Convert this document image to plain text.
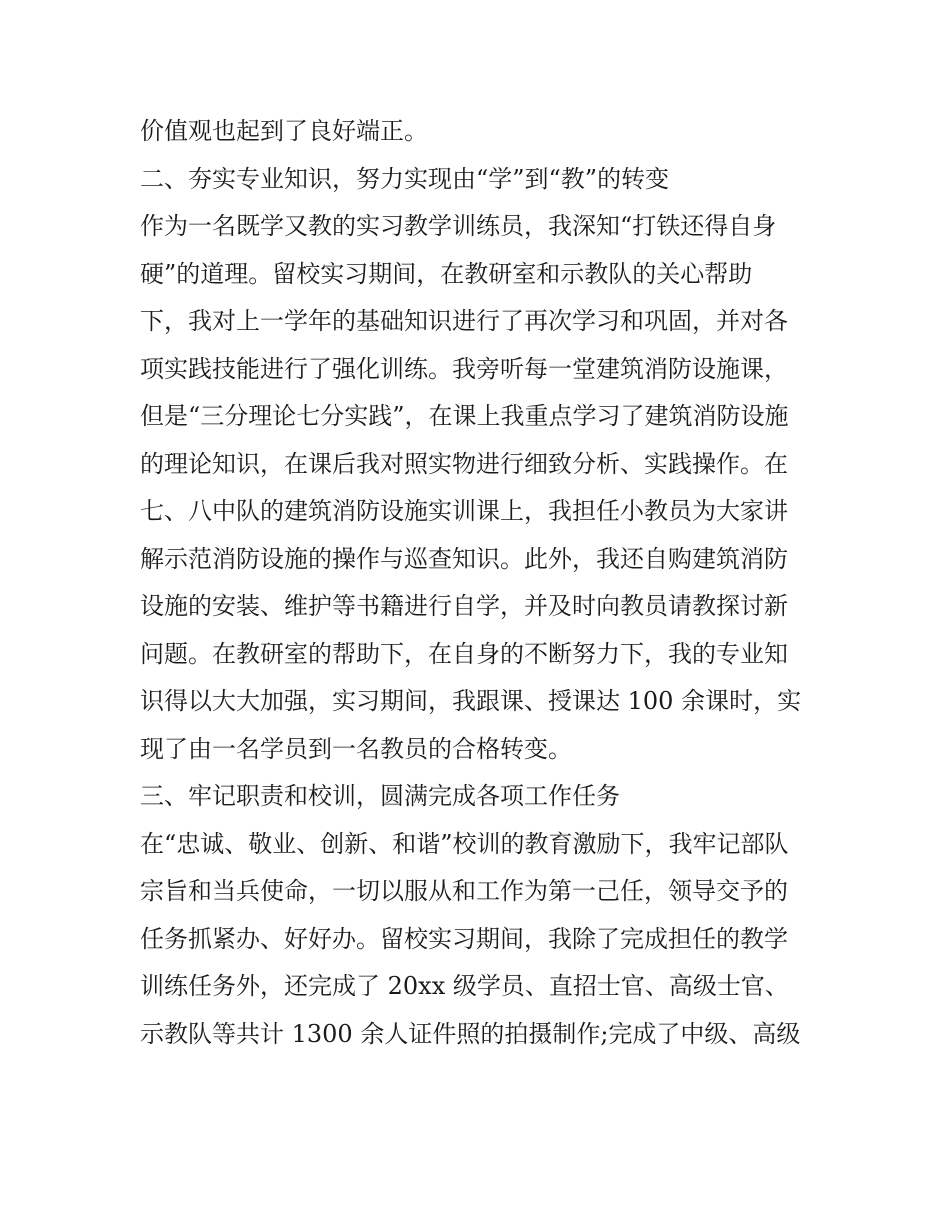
价值观也起到了良好端正。
二、夯实专业知识，努力实现由“学”到“教”的转变
作为一名既学又教的实习教学训练员，我深知“打铁还得自身
硬”的道理。留校实习期间，在教研室和示教队的关心帮助
下，我对上一学年的基础知识进行了再次学习和巩固，并对各
项实践技能进行了强化训练。我旁听每一堂建筑消防设施课，
但是“三分理论七分实践”，在课上我重点学习了建筑消防设施
的理论知识，在课后我对照实物进行细致分析、实践操作。在
七、八中队的建筑消防设施实训课上，我担任小教员为大家讲
解示范消防设施的操作与巡查知识。此外，我还自购建筑消防
设施的安装、维护等书籍进行自学，并及时向教员请教探讨新
问题。在教研室的帮助下，在自身的不断努力下，我的专业知
识得以大大加强，实习期间，我跟课、授课达 100 余课时，实
现了由一名学员到一名教员的合格转变。
三、牢记职责和校训，圆满完成各项工作任务
在“忠诚、敬业、创新、和谐”校训的教育激励下，我牢记部队
宗旨和当兵使命，一切以服从和工作为第一己任，领导交予的
任务抓紧办、好好办。留校实习期间，我除了完成担任的教学
训练任务外，还完成了 20xx 级学员、直招士官、高级士官、
示教队等共计 1300 余人证件照的拍摄制作;完成了中级、高级
